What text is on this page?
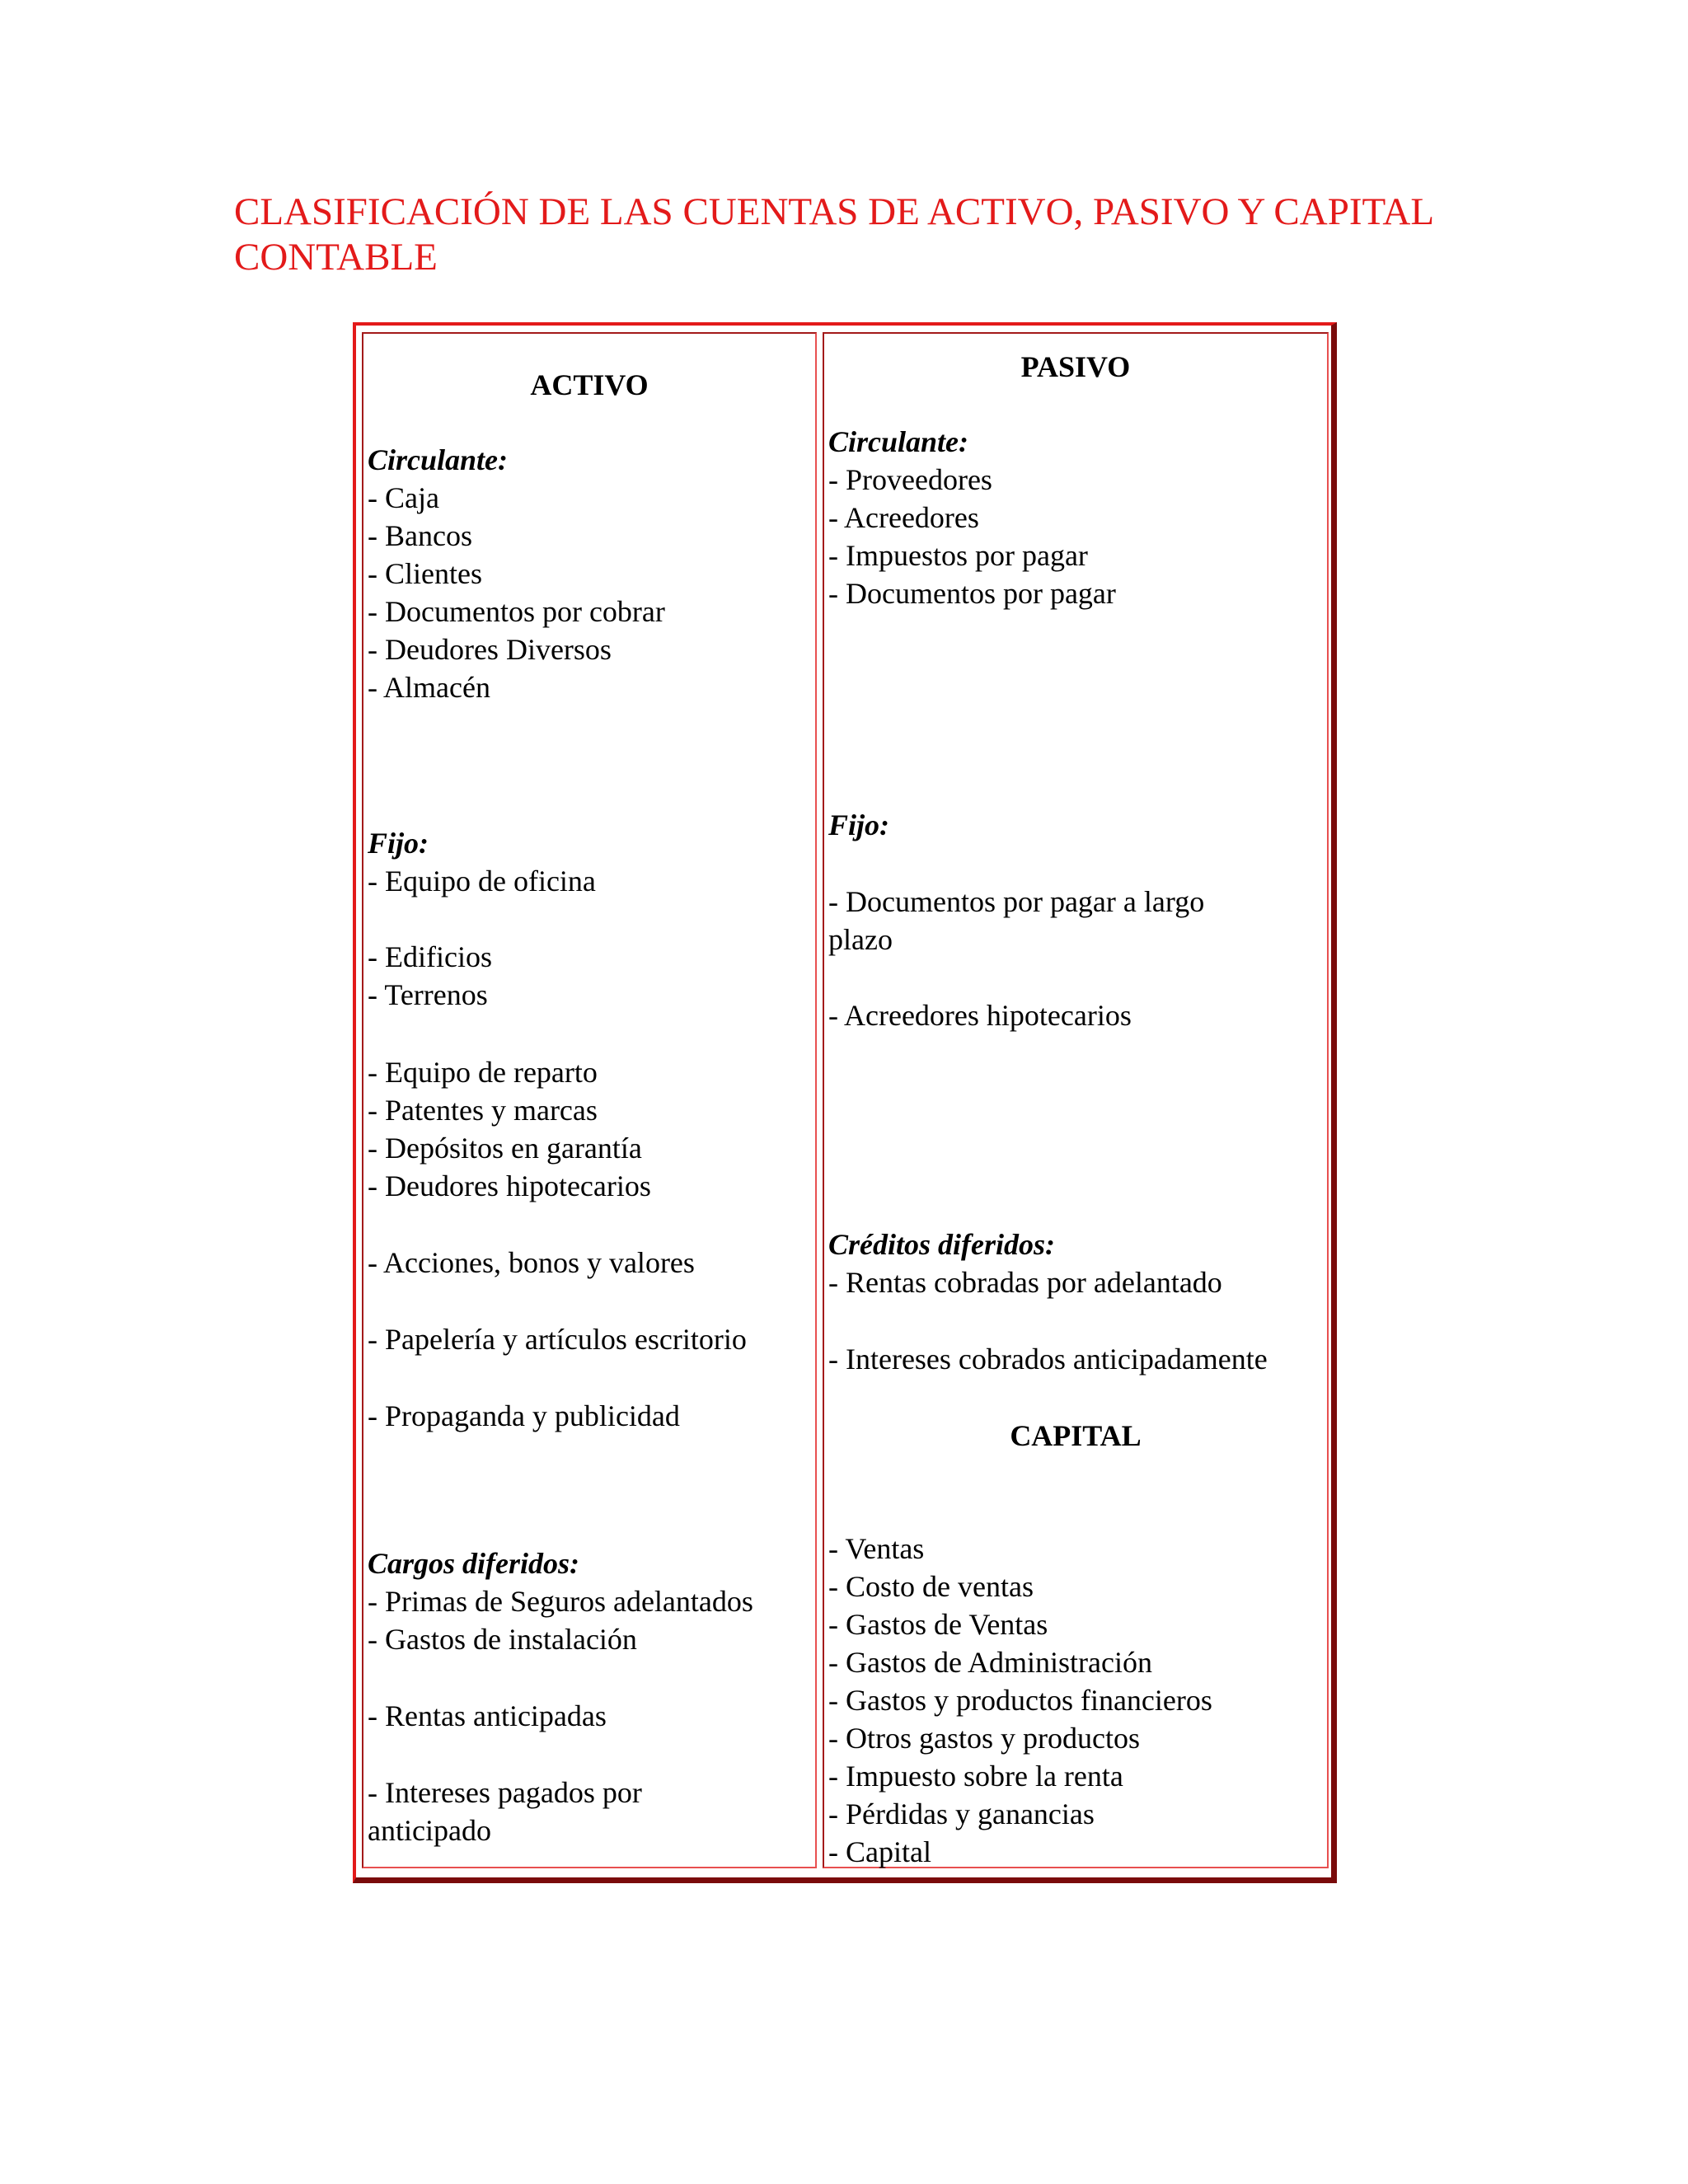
CLASIFICACIÓN DE LAS CUENTAS DE ACTIVO, PASIVO Y CAPITAL CONTABLE
ACTIVO
Circulante:
- Caja
- Bancos
- Clientes
- Documentos por cobrar
- Deudores Diversos
- Almacén
Fijo:
- Equipo de oficina
- Edificios
- Terrenos
- Equipo de reparto
- Patentes y marcas
- Depósitos en garantía
- Deudores hipotecarios
- Acciones, bonos y valores
- Papelería y artículos escritorio
- Propaganda y publicidad
Cargos diferidos:
- Primas de Seguros adelantados
- Gastos de instalación
- Rentas anticipadas
- Intereses pagados por
anticipado
PASIVO
Circulante:
- Proveedores
- Acreedores
- Impuestos por pagar
- Documentos por pagar
Fijo:
- Documentos por pagar a largo
plazo
- Acreedores hipotecarios
Créditos diferidos:
- Rentas cobradas por adelantado
- Intereses cobrados anticipadamente
CAPITAL
- Ventas
- Costo de ventas
- Gastos de Ventas
- Gastos de Administración
- Gastos y productos financieros
- Otros gastos y productos
- Impuesto sobre la renta
- Pérdidas y ganancias
- Capital
